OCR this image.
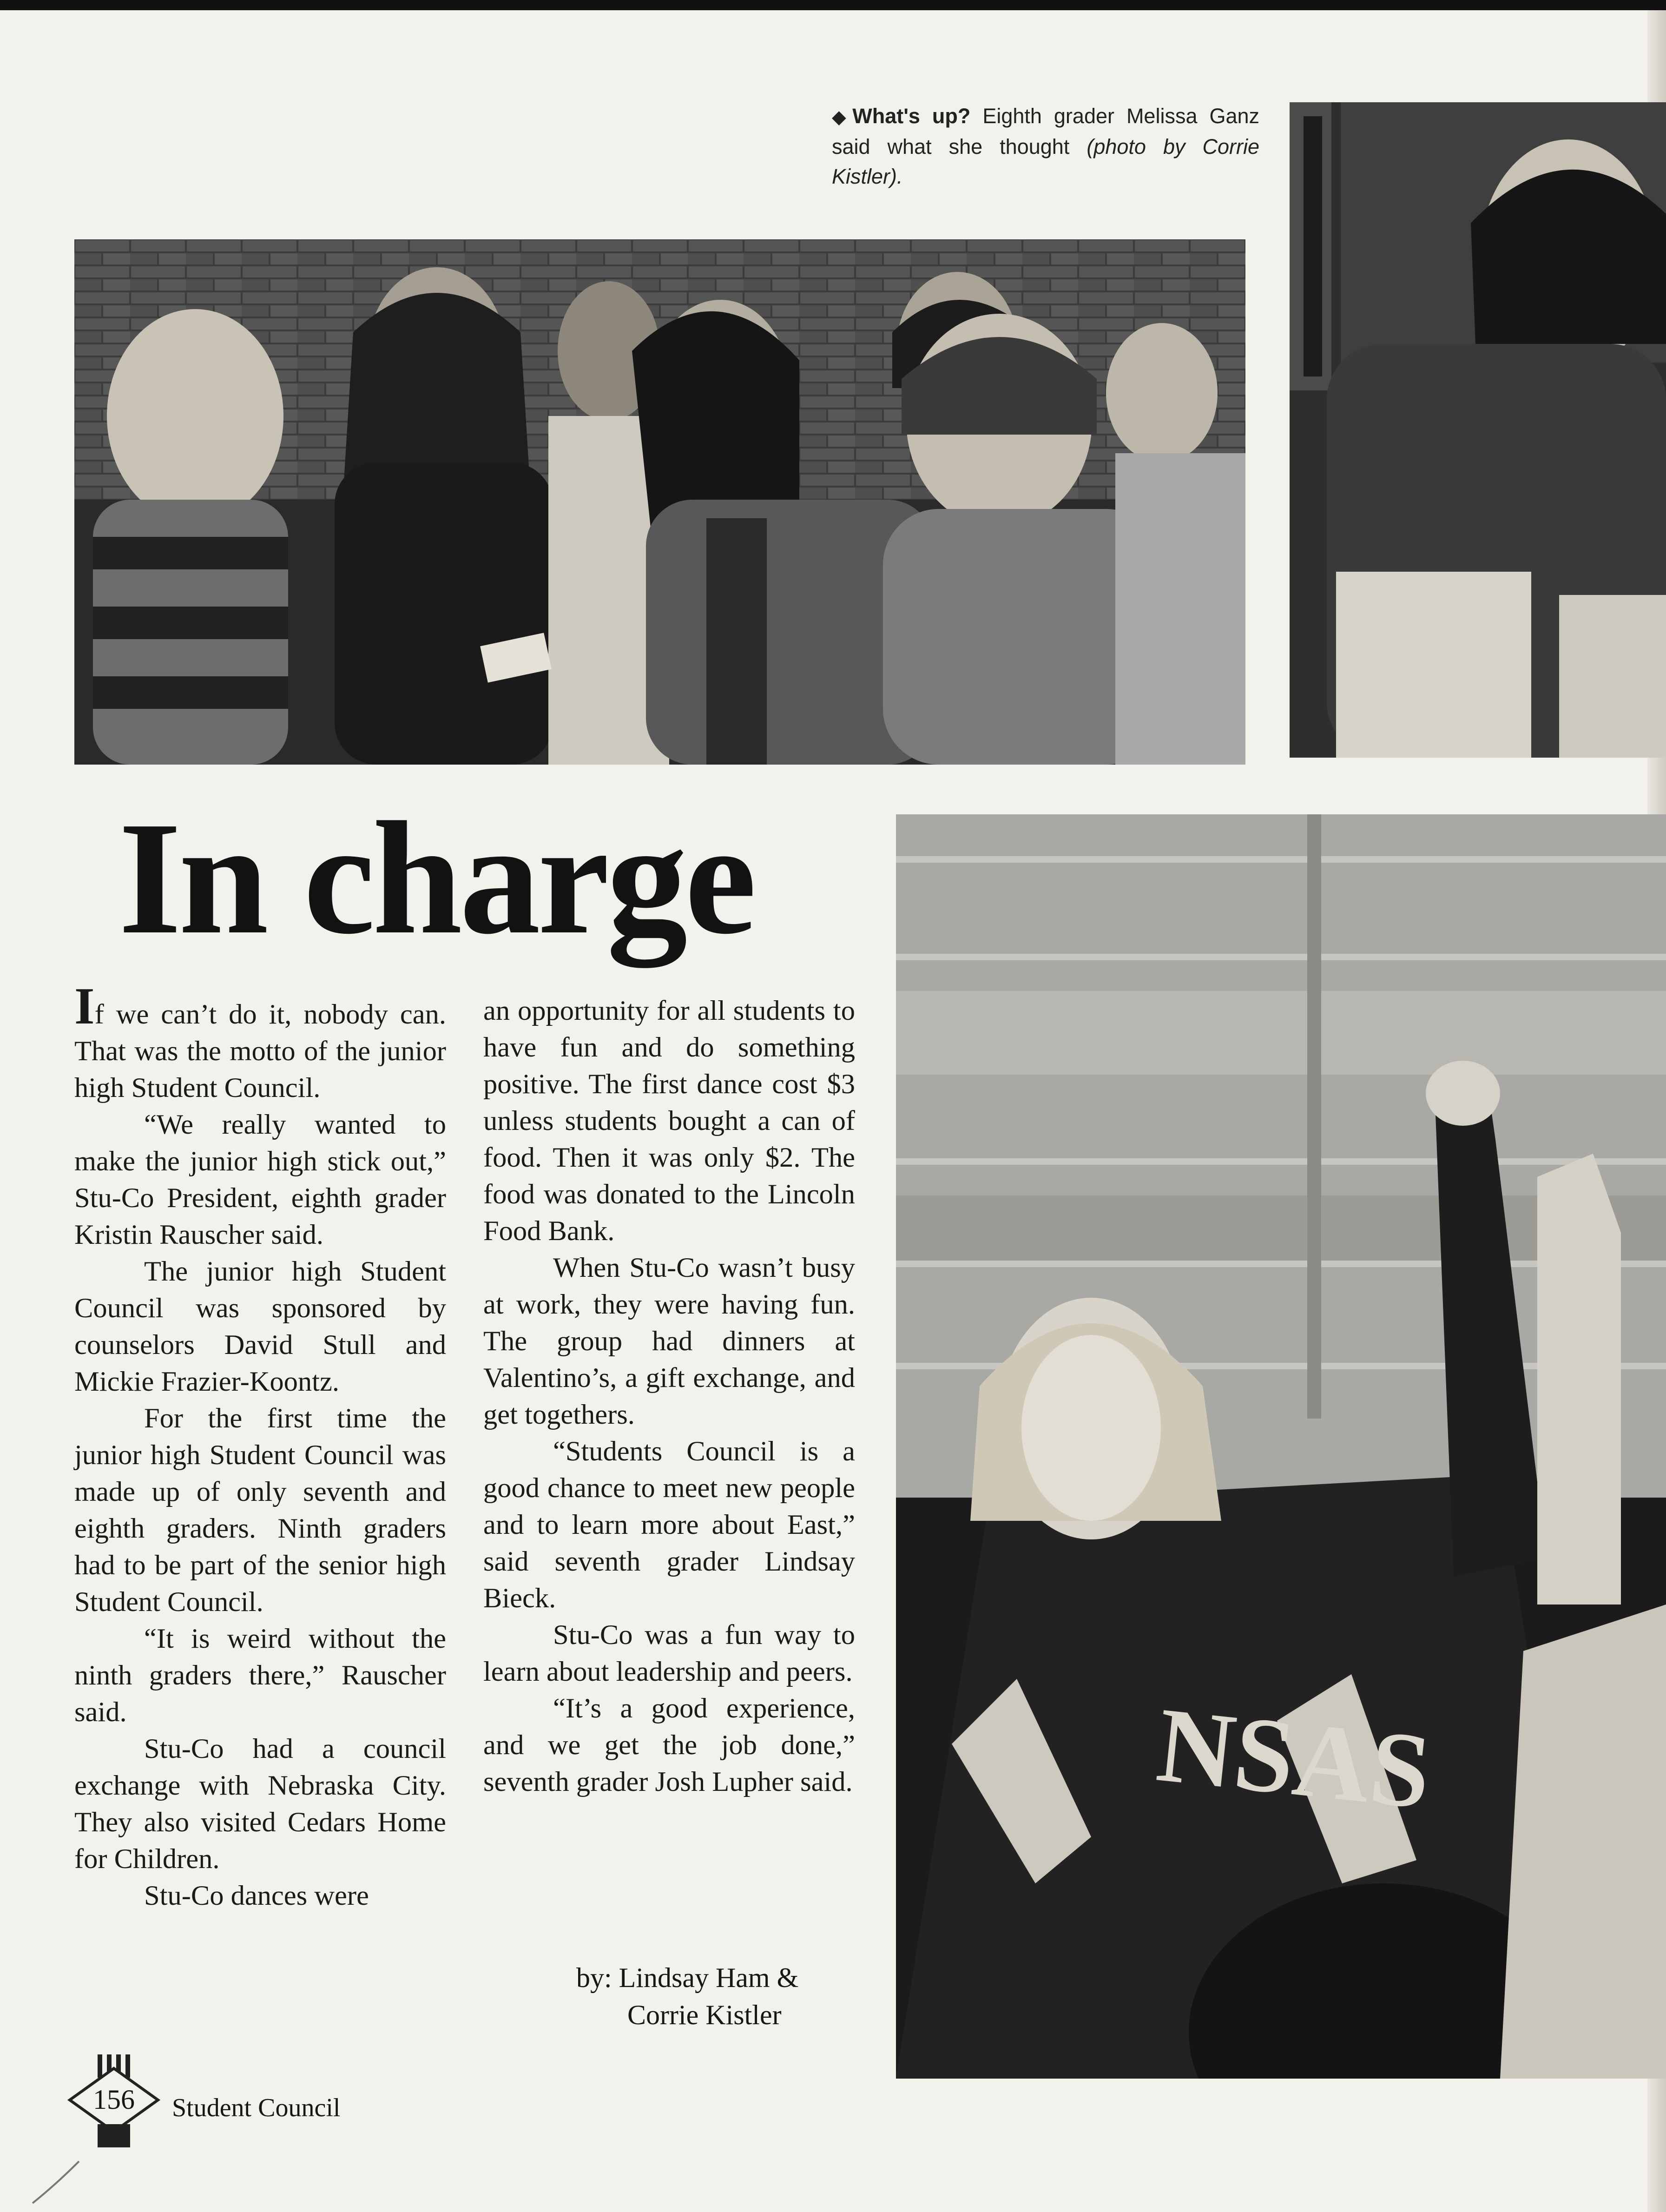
◆What's up? Eighth grader Melissa Ganz said what she thought (photo by Corrie Kistler).
In charge
NSAS

If we can’t do it, nobody can. That was the motto of the junior high Student Council.

“We really wanted to make the junior high stick out,” Stu-Co President, eighth grader Kristin Rauscher said.

The junior high Student Council was sponsored by counselors David Stull and Mickie Frazier-Koontz.

For the first time the junior high Student Council was made up of only seventh and eighth graders. Ninth graders had to be part of the senior high Student Council.

“It is weird without the ninth graders there,” Rauscher said.

Stu-Co had a council exchange with Nebraska City. They also visited Cedars Home for Children.

Stu-Co dances were

an opportunity for all students to have fun and do something positive. The first dance cost $3 unless students bought a can of food. Then it was only $2. The food was donated to the Lincoln Food Bank.

When Stu-Co wasn’t busy at work, they were having fun. The group had dinners at Valentino’s, a gift exchange, and get togethers.

“Students Council is a good chance to meet new people and to learn more about East,” said seventh grader Lindsay Bieck.

Stu-Co was a fun way to learn about leadership and peers.

“It’s a good experience, and we get the job done,” seventh grader Josh Lupher said.

by: Lindsay Ham &
Corrie Kistler
156	Student Council
